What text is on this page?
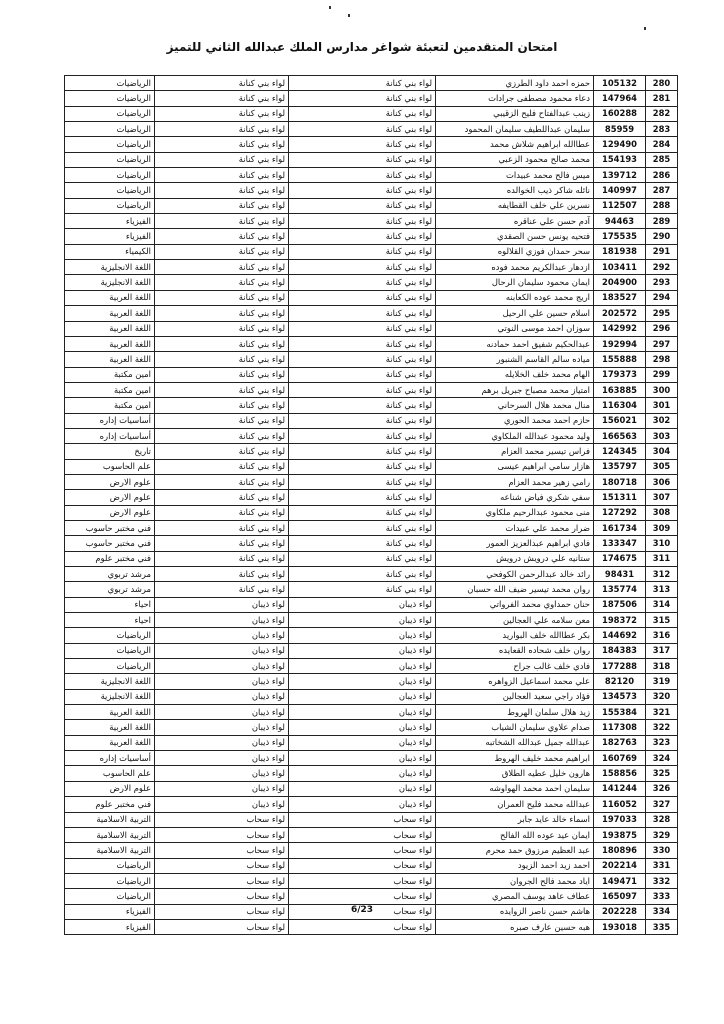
امتحان المتقدمين لتعبئة شواغر مدارس الملك عبدالله الثاني للتميز
280	105132	حمزه احمد داود الطرزي	لواء بني كنانة	لواء بني كنانة	الرياضيات
281	147964	دعاء محمود مصطفى جرادات	لواء بني كنانة	لواء بني كنانة	الرياضيات
282	160288	زينب عبدالفتاح فليح الزقيبي	لواء بني كنانة	لواء بني كنانة	الرياضيات
283	85959	سليمان عبداللطيف سليمان المحمود	لواء بني كنانة	لواء بني كنانة	الرياضيات
284	129490	عطاالله ابراهيم شلاش محمد	لواء بني كنانة	لواء بني كنانة	الرياضيات
285	154193	محمد صالح محمود الزعبي	لواء بني كنانة	لواء بني كنانة	الرياضيات
286	139712	ميس فالح محمد عبيدات	لواء بني كنانة	لواء بني كنانة	الرياضيات
287	140997	نائله شاكر ذيب الخوالده	لواء بني كنانة	لواء بني كنانة	الرياضيات
288	112507	نسرين علي خلف القطايفه	لواء بني كنانة	لواء بني كنانة	الرياضيات
289	94463	آدم حسن علي عناقره	لواء بني كنانة	لواء بني كنانة	الفيزياء
290	175535	فتحيه يونس حسن الصقدي	لواء بني كنانة	لواء بني كنانة	الفيزياء
291	181938	سحر حمدان فوزي القلالوه	لواء بني كنانة	لواء بني كنانة	الكيمياء
292	103411	ازدهار عبدالكريم محمد فوده	لواء بني كنانة	لواء بني كنانة	اللغة الانجليزية
293	204900	ايمان محمود سليمان الرحال	لواء بني كنانة	لواء بني كنانة	اللغة الانجليزية
294	183527	اريج محمد عوده الكعابنه	لواء بني كنانة	لواء بني كنانة	اللغة العربية
295	202572	اسلام حسين علي الرحيل	لواء بني كنانة	لواء بني كنانة	اللغة العربية
296	142992	سوزان احمد موسى النوتي	لواء بني كنانة	لواء بني كنانة	اللغة العربية
297	192994	عبدالحكيم شفيق احمد حمادنه	لواء بني كنانة	لواء بني كنانة	اللغة العربية
298	155888	مياده سالم القاسم الشنبور	لواء بني كنانة	لواء بني كنانة	اللغة العربية
299	179373	الهام محمد خلف الخلايله	لواء بني كنانة	لواء بني كنانة	امين مكتبة
300	163885	امتياز محمد مصباح جبريل برهم	لواء بني كنانة	لواء بني كنانة	امين مكتبة
301	116304	منال محمد هلال السرحاني	لواء بني كنانة	لواء بني كنانة	امين مكتبة
302	156021	حازم احمد محمد الحوري	لواء بني كنانة	لواء بني كنانة	أساسيات إداره
303	166563	وليد محمود عبدالله الملكاوي	لواء بني كنانة	لواء بني كنانة	أساسيات إداره
304	124345	فراس تيسير محمد العزام	لواء بني كنانة	لواء بني كنانة	تاريخ
305	135797	هازار سامي ابراهيم عيسى	لواء بني كنانة	لواء بني كنانة	علم الحاسوب
306	180718	رامي زهير محمد العزام	لواء بني كنانة	لواء بني كنانة	علوم الارض
307	151311	سفي شكري فياض شناعه	لواء بني كنانة	لواء بني كنانة	علوم الارض
308	127292	منى محمود عبدالرحيم ملكاوي	لواء بني كنانة	لواء بني كنانة	علوم الارض
309	161734	ضرار محمد علي عبيدات	لواء بني كنانة	لواء بني كنانة	فني مختبر حاسوب
310	133347	فادي ابراهيم عبدالعزيز العمور	لواء بني كنانة	لواء بني كنانة	فني مختبر حاسوب
311	174675	ستانيه علي درويش درويش	لواء بني كنانة	لواء بني كنانة	فني مختبر علوم
312	98431	رائد خالد عبدالرحمن الكوفحي	لواء بني كنانة	لواء بني كنانة	مرشد تربوي
313	135774	روان محمد تيسير ضيف الله حسبان	لواء بني كنانة	لواء بني كنانة	مرشد تربوي
314	187506	حنان حمداوي محمد الفرواتي	لواء ذيبان	لواء ذيبان	احياء
315	198372	معن سلامه علي العجالين	لواء ذيبان	لواء ذيبان	احياء
316	144692	بكر عطاالله خلف البواريد	لواء ذيبان	لواء ذيبان	الرياضيات
317	184383	روان خلف شحاده القعايده	لواء ذيبان	لواء ذيبان	الرياضيات
318	177288	فادي خلف غالب جراح	لواء ذيبان	لواء ذيبان	الرياضيات
319	82120	علي محمد اسماعيل الزواهره	لواء ذيبان	لواء ذيبان	اللغة الانجليزية
320	134573	فؤاد راجي سعيد العجالين	لواء ذيبان	لواء ذيبان	اللغة الانجليزية
321	155384	زيد هلال سلمان الهروط	لواء ذيبان	لواء ذيبان	اللغة العربية
322	117308	صدام علاوي سليمان الشياب	لواء ذيبان	لواء ذيبان	اللغة العربية
323	182763	عبدالله جميل عبدالله الشخاتبه	لواء ذيبان	لواء ذيبان	اللغة العربية
324	160769	ابراهيم محمد خليف الهروط	لواء ذيبان	لواء ذيبان	أساسيات إداره
325	158856	هارون خليل عطيه الطلاق	لواء ذيبان	لواء ذيبان	علم الحاسوب
326	141244	سليمان احمد محمد الهواوشه	لواء ذيبان	لواء ذيبان	علوم الارض
327	116052	عبدالله محمد فليح العمران	لواء ذيبان	لواء ذيبان	فني مختبر علوم
328	197033	اسماء خالد عايد جابر	لواء سحاب	لواء سحاب	التربية الاسلامية
329	193875	ايمان عيد عوده الله الفالح	لواء سحاب	لواء سحاب	التربية الاسلامية
330	180896	عبد العظيم مرزوق حمد محرم	لواء سحاب	لواء سحاب	التربية الاسلامية
331	202214	احمد زيد احمد الزيود	لواء سحاب	لواء سحاب	الرياضيات
332	149471	اياد محمد فالح الجروان	لواء سحاب	لواء سحاب	الرياضيات
333	165097	عطاف عاهد يوسف المصري	لواء سحاب	لواء سحاب	الرياضيات
334	202228	هاشم حسن ناصر الزوايده	لواء سحاب	لواء سحاب	الفيزياء
335	193018	هبه حسين عارف صبره	لواء سحاب	لواء سحاب	الفيزياء
6/23
